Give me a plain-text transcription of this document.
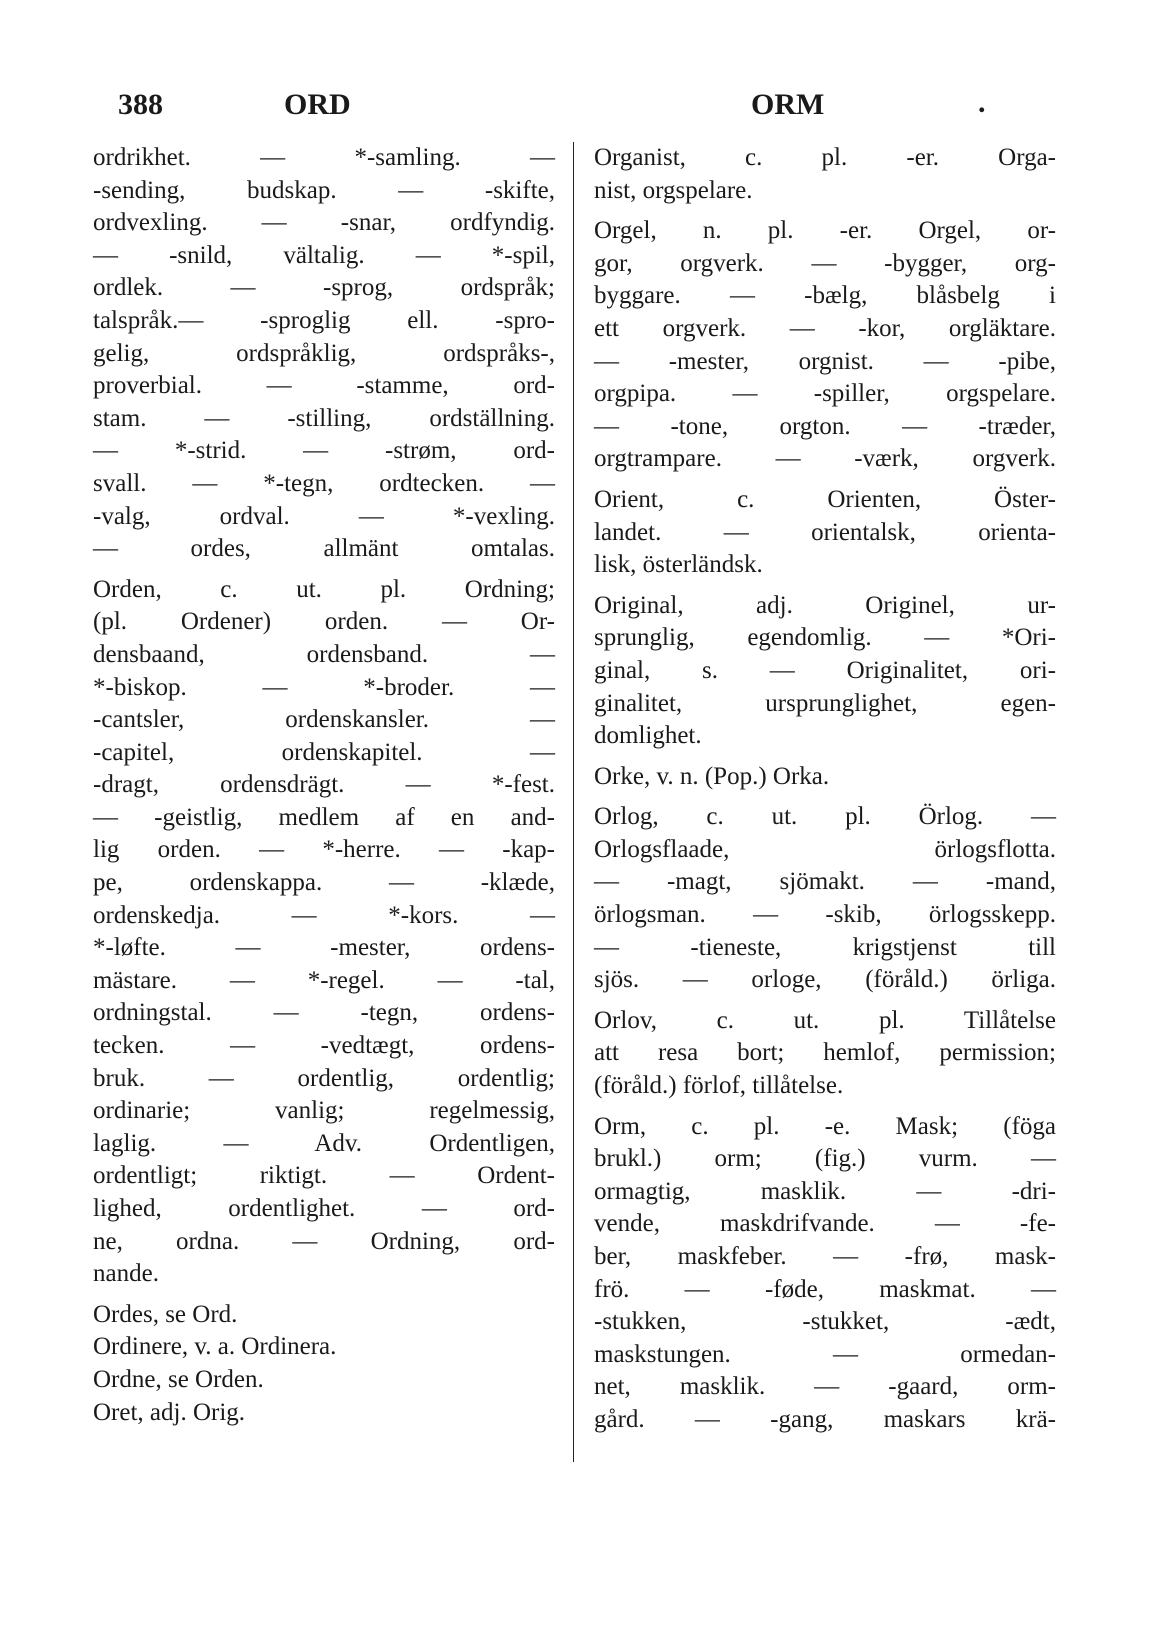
388	ORD	ORM	.
ordrikhet. — *-samling. —
-sending, budskap. — -skifte,
ordvexling. — -snar, ordfyndig.
— -snild, vältalig. — *-spil,
ordlek. — -sprog, ordspråk;
talspråk.— -sproglig ell. -spro-
gelig, ordspråklig, ordspråks-,
proverbial. — -stamme, ord-
stam. — -stilling, ordställning.
— *-strid. — -strøm, ord-
svall. — *-tegn, ordtecken. —
-valg, ordval. — *-vexling.
— ordes, allmänt omtalas.
Orden, c. ut. pl. Ordning;
(pl. Ordener) orden. — Or-
densbaand, ordensband. —
*-biskop. — *-broder. —
-cantsler, ordenskansler. —
-capitel, ordenskapitel. —
-dragt, ordensdrägt. — *-fest.
— -geistlig, medlem af en and-
lig orden. — *-herre. — -kap-
pe, ordenskappa. — -klæde,
ordenskedja. — *-kors. —
*-løfte. — -mester, ordens-
mästare. — *-regel. — -tal,
ordningstal. — -tegn, ordens-
tecken. — -vedtægt, ordens-
bruk. — ordentlig, ordentlig;
ordinarie; vanlig; regelmessig,
laglig. — Adv. Ordentligen,
ordentligt; riktigt. — Ordent-
lighed, ordentlighet. — ord-
ne, ordna. — Ordning, ord-
nande.
Ordes, se Ord.
Ordinere, v. a. Ordinera.
Ordne, se Orden.
Oret, adj. Orig.
Organist, c. pl. -er. Orga-
nist, orgspelare.
Orgel, n. pl. -er. Orgel, or-
gor, orgverk. — -bygger, org-
byggare. — -bælg, blåsbelg i
ett orgverk. — -kor, orgläktare.
— -mester, orgnist. — -pibe,
orgpipa. — -spiller, orgspelare.
— -tone, orgton. — -træder,
orgtrampare. — -værk, orgverk.
Orient, c. Orienten, Öster-
landet. — orientalsk, orienta-
lisk, österländsk.
Original, adj. Originel, ur-
sprunglig, egendomlig. — *Ori-
ginal, s. — Originalitet, ori-
ginalitet, ursprunglighet, egen-
domlighet.
Orke, v. n. (Pop.) Orka.
Orlog, c. ut. pl. Örlog. —
Orlogsflaade, örlogsflotta.
— -magt, sjömakt. — -mand,
örlogsman. — -skib, örlogsskepp.
— -tieneste, krigstjenst till
sjös. — orloge, (föråld.) örliga.
Orlov, c. ut. pl. Tillåtelse
att resa bort; hemlof, permission;
(föråld.) förlof, tillåtelse.
Orm, c. pl. -e. Mask; (föga
brukl.) orm; (fig.) vurm. —
ormagtig, masklik. — -dri-
vende, maskdrifvande. — -fe-
ber, maskfeber. — -frø, mask-
frö. — -føde, maskmat. —
-stukken, -stukket, -ædt,
maskstungen. — ormedan-
net, masklik. — -gaard, orm-
gård. — -gang, maskars krä-
